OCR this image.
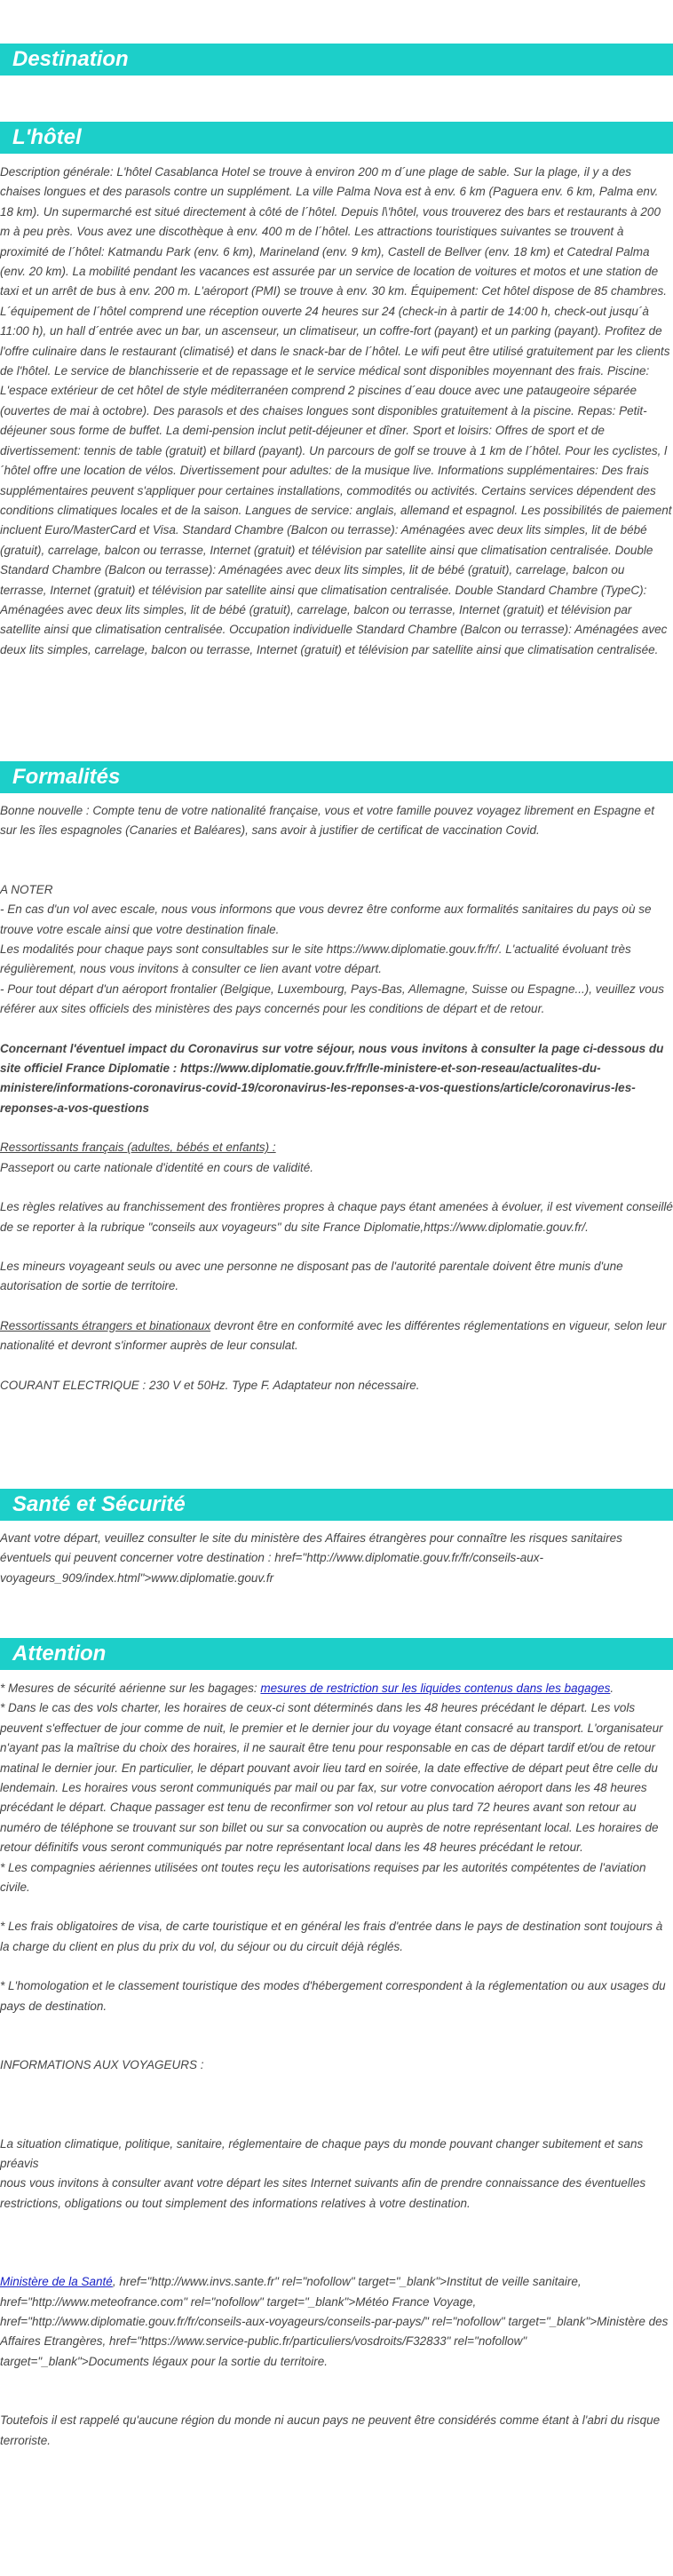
Destination
L'hôtel

Description générale: L'hôtel Casablanca Hotel se trouve à environ 200 m d´une plage de sable. Sur la plage, il y a des chaises longues et des parasols contre un supplément. La ville Palma Nova est à env. 6 km (Paguera env. 6 km, Palma env. 18 km). Un supermarché est situé directement à côté de l´hôtel. Depuis l\'hôtel, vous trouverez des bars et restaurants à 200 m à peu près. Vous avez une discothèque à env. 400 m de l´hôtel. Les attractions touristiques suivantes se trouvent à proximité de l´hôtel: Katmandu Park (env. 6 km), Marineland (env. 9 km), Castell de Bellver (env. 18 km) et Catedral Palma (env. 20 km). La mobilité pendant les vacances est assurée par un service de location de voitures et motos et une station de taxi et un arrêt de bus à env. 200 m. L'aéroport (PMI) se trouve à env. 30 km. Équipement: Cet hôtel dispose de 85 chambres. L´équipement de l´hôtel comprend une réception ouverte 24 heures sur 24 (check-in à partir de 14:00 h, check-out jusqu´à 11:00 h), un hall d´entrée avec un bar, un ascenseur, un climatiseur, un coffre-fort (payant) et un parking (payant). Profitez de l'offre culinaire dans le restaurant (climatisé) et dans le snack-bar de l´hôtel. Le wifi peut être utilisé gratuitement par les clients de l'hôtel. Le service de blanchisserie et de repassage et le service médical sont disponibles moyennant des frais. Piscine: L'espace extérieur de cet hôtel de style méditerranéen comprend 2 piscines d´eau douce avec une pataugeoire séparée (ouvertes de mai à octobre). Des parasols et des chaises longues sont disponibles gratuitement à la piscine. Repas: Petit-déjeuner sous forme de buffet. La demi-pension inclut petit-déjeuner et dîner. Sport et loisirs: Offres de sport et de divertissement: tennis de table (gratuit) et billard (payant). Un parcours de golf se trouve à 1 km de l´hôtel. Pour les cyclistes, l´hôtel offre une location de vélos. Divertissement pour adultes: de la musique live. Informations supplémentaires: Des frais supplémentaires peuvent s'appliquer pour certaines installations, commodités ou activités. Certains services dépendent des conditions climatiques locales et de la saison. Langues de service: anglais, allemand et espagnol. Les possibilités de paiement incluent Euro/MasterCard et Visa. Standard Chambre (Balcon ou terrasse): Aménagées avec deux lits simples, lit de bébé (gratuit), carrelage, balcon ou terrasse, Internet (gratuit) et télévision par satellite ainsi que climatisation centralisée. Double Standard Chambre (Balcon ou terrasse): Aménagées avec deux lits simples, lit de bébé (gratuit), carrelage, balcon ou terrasse, Internet (gratuit) et télévision par satellite ainsi que climatisation centralisée. Double Standard Chambre (TypeC): Aménagées avec deux lits simples, lit de bébé (gratuit), carrelage, balcon ou terrasse, Internet (gratuit) et télévision par satellite ainsi que climatisation centralisée. Occupation individuelle Standard Chambre (Balcon ou terrasse): Aménagées avec deux lits simples, carrelage, balcon ou terrasse, Internet (gratuit) et télévision par satellite ainsi que climatisation centralisée.

Formalités

Bonne nouvelle : Compte tenu de votre nationalité française, vous et votre famille pouvez voyagez librement en Espagne et sur les îles espagnoles (Canaries et Baléares), sans avoir à justifier de certificat de vaccination Covid.

A NOTER

- En cas d'un vol avec escale, nous vous informons que vous devrez être conforme aux formalités sanitaires du pays où se trouve votre escale ainsi que votre destination finale.

Les modalités pour chaque pays sont consultables sur le site https://www.diplomatie.gouv.fr/fr/. L'actualité évoluant très régulièrement, nous vous invitons à consulter ce lien avant votre départ.

- Pour tout départ d'un aéroport frontalier (Belgique, Luxembourg, Pays-Bas, Allemagne, Suisse ou Espagne...), veuillez vous référer aux sites officiels des ministères des pays concernés pour les conditions de départ et de retour.

Concernant l'éventuel impact du Coronavirus sur votre séjour, nous vous invitons à consulter la page ci-dessous du site officiel France Diplomatie : https://www.diplomatie.gouv.fr/fr/le-ministere-et-son-reseau/actualites-du-ministere/informations-coronavirus-covid-19/coronavirus-les-reponses-a-vos-questions/article/coronavirus-les-reponses-a-vos-questions

Ressortissants français (adultes, bébés et enfants) :

Passeport ou carte nationale d'identité en cours de validité.

Les règles relatives au franchissement des frontières propres à chaque pays étant amenées à évoluer, il est vivement conseillé de se reporter à la rubrique "conseils aux voyageurs" du site France Diplomatie,https://www.diplomatie.gouv.fr/.

Les mineurs voyageant seuls ou avec une personne ne disposant pas de l'autorité parentale doivent être munis d'une autorisation de sortie de territoire.

Ressortissants étrangers et binationaux devront être en conformité avec les différentes réglementations en vigueur, selon leur nationalité et devront s'informer auprès de leur consulat.

COURANT ELECTRIQUE : 230 V et 50Hz. Type F. Adaptateur non nécessaire.

Santé et Sécurité

Avant votre départ, veuillez consulter le site du ministère des Affaires étrangères pour connaître les risques sanitaires éventuels qui peuvent concerner votre destination : href="http://www.diplomatie.gouv.fr/fr/conseils-aux-voyageurs_909/index.html">www.diplomatie.gouv.fr

Attention

* Mesures de sécurité aérienne sur les bagages: mesures de restriction sur les liquides contenus dans les bagages.

* Dans le cas des vols charter, les horaires de ceux-ci sont déterminés dans les 48 heures précédant le départ. Les vols peuvent s'effectuer de jour comme de nuit, le premier et le dernier jour du voyage étant consacré au transport. L'organisateur n'ayant pas la maîtrise du choix des horaires, il ne saurait être tenu pour responsable en cas de départ tardif et/ou de retour matinal le dernier jour. En particulier, le départ pouvant avoir lieu tard en soirée, la date effective de départ peut être celle du lendemain. Les horaires vous seront communiqués par mail ou par fax, sur votre convocation aéroport dans les 48 heures précédant le départ. Chaque passager est tenu de reconfirmer son vol retour au plus tard 72 heures avant son retour au numéro de téléphone se trouvant sur son billet ou sur sa convocation ou auprès de notre représentant local. Les horaires de retour définitifs vous seront communiqués par notre représentant local dans les 48 heures précédant le retour.

* Les compagnies aériennes utilisées ont toutes reçu les autorisations requises par les autorités compétentes de l'aviation civile.

* Les frais obligatoires de visa, de carte touristique et en général les frais d'entrée dans le pays de destination sont toujours à la charge du client en plus du prix du vol, du séjour ou du circuit déjà réglés.

* L'homologation et le classement touristique des modes d'hébergement correspondent à la réglementation ou aux usages du pays de destination.

INFORMATIONS AUX VOYAGEURS :

La situation climatique, politique, sanitaire, réglementaire de chaque pays du monde pouvant changer subitement et sans préavis

nous vous invitons à consulter avant votre départ les sites Internet suivants afin de prendre connaissance des éventuelles restrictions, obligations ou tout simplement des informations relatives à votre destination.

Ministère de la Santé, href="http://www.invs.sante.fr" rel="nofollow" target="_blank">Institut de veille sanitaire, href="http://www.meteofrance.com" rel="nofollow" target="_blank">Météo France Voyage, href="http://www.diplomatie.gouv.fr/fr/conseils-aux-voyageurs/conseils-par-pays/" rel="nofollow" target="_blank">Ministère des Affaires Etrangères, href="https://www.service-public.fr/particuliers/vosdroits/F32833" rel="nofollow" target="_blank">Documents légaux pour la sortie du territoire.

Toutefois il est rappelé qu'aucune région du monde ni aucun pays ne peuvent être considérés comme étant à l'abri du risque terroriste.
